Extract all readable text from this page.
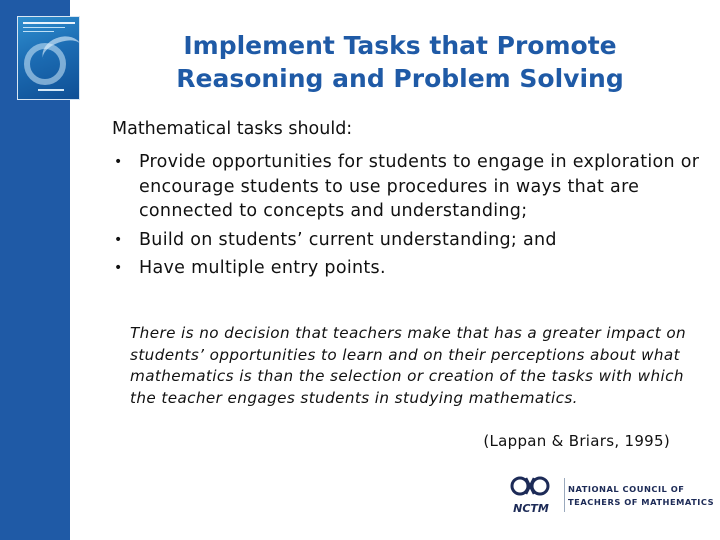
Implement Tasks that Promote
Reasoning and Problem Solving

Mathematical tasks should:

• Provide opportunities for students to engage in exploration or encourage students to use procedures in ways that are connected to concepts and understanding;
• Build on students’ current understanding; and
• Have multiple entry points.

There is no decision that teachers make that has a greater impact on students’ opportunities to learn and on their perceptions about what mathematics is than the selection or creation of the tasks with which the teacher engages students in studying mathematics.

(Lappan & Briars, 1995)

NCTM
NATIONAL COUNCIL OF
TEACHERS OF MATHEMATICS
